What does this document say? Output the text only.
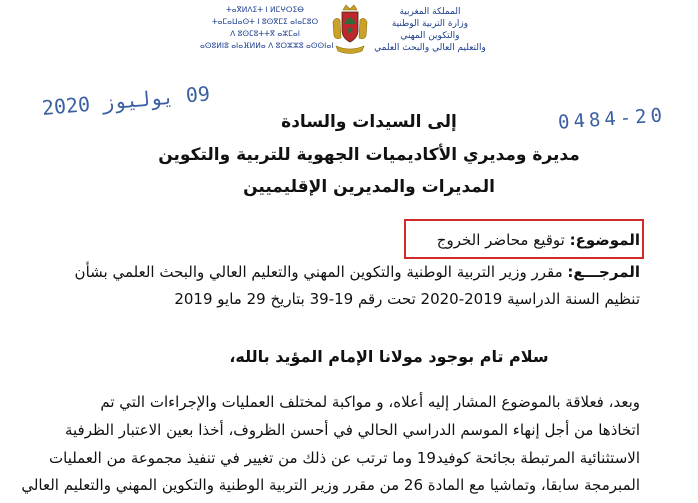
ⵜⴰⴳⵍⴷⵉⵜ ⵏ ⵍⵎⵖⵔⵉⴱ
ⵜⴰⵎⴰⵡⴰⵙⵜ ⵏ ⵓⵙⴳⵎⵉ ⴰⵏⴰⵎⵓⵔ
ⴷ ⵓⵙⵎⵓⵜⵜⴳ ⴰⵣⵎⴰⵏ
ⴰⵙⵓⵍⵏⵓ ⴰⵏⴰⴼⵍⵍⴰ ⴷ ⵓⵔⵣⵣⵓ ⴰⵙⵙⵏⴰⵏ
المملكة المغربية
وزارة التربية الوطنية
والتكوين المهني
والتعليم العالي والبحث العلمي
09 يوليوز 2020
0484-20
إلى السيدات والسادة
مديرة ومديري الأكاديميات الجهوية للتربية والتكوين
المديرات والمديرين الإقليميين
الموضوع: توقيع محاضر الخروج
المرجـــع: مقرر وزير التربية الوطنية والتكوين المهني والتعليم العالي والبحث العلمي بشأن
تنظيم السنة الدراسية 2019-2020 تحت رقم 19-39 بتاريخ 29 مايو 2019
سلام تام بوجود مولانا الإمام المؤيد بالله،
وبعد، فعلاقة بالموضوع المشار إليه أعلاه، و مواكبة لمختلف العمليات والإجراءات التي تم
اتخاذها من أجل إنهاء الموسم الدراسي الحالي في أحسن الظروف، أخذا بعين الاعتبار الظرفية
الاستثنائية المرتبطة بجائحة كوفيد19 وما ترتب عن ذلك من تغيير في تنفيذ مجموعة من العمليات
المبرمجة سابقا، وتماشيا مع المادة 26 من مقرر وزير التربية الوطنية والتكوين المهني والتعليم العالي
